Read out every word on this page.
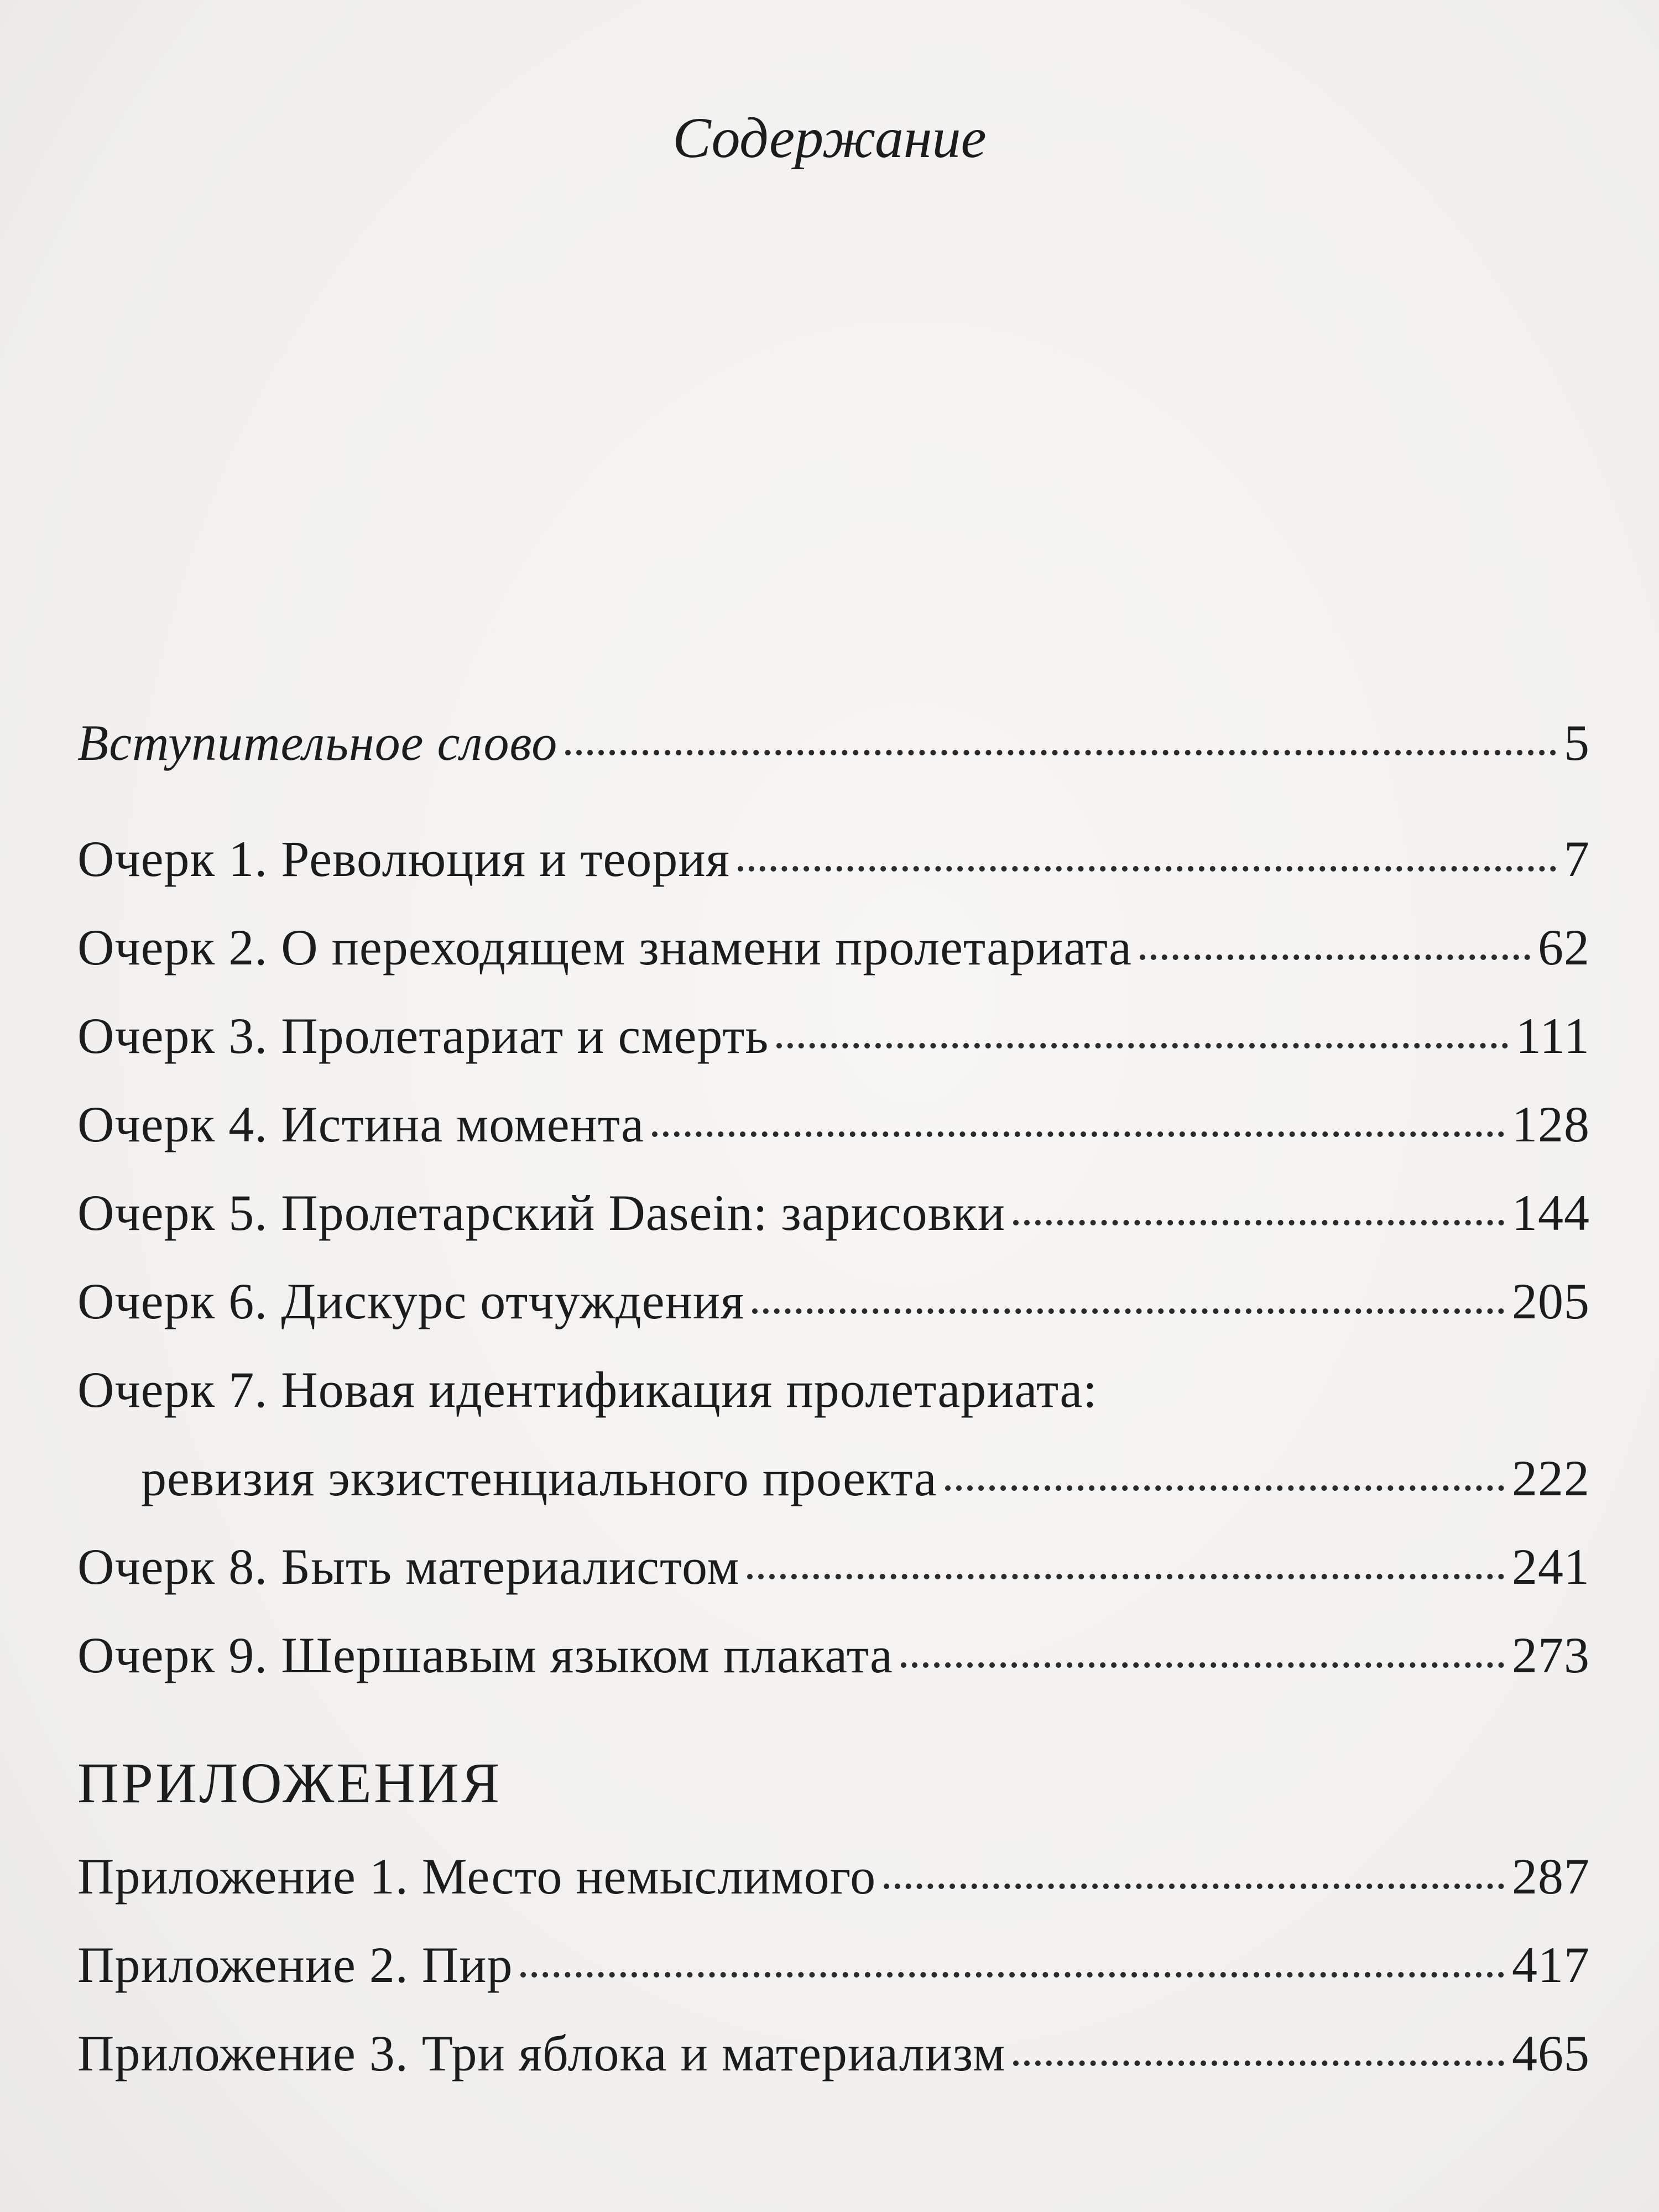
Содержание
Вступительное слово	5
Очерк 1. Революция и теория	7
Очерк 2. О переходящем знамени пролетариата	62
Очерк 3. Пролетариат и смерть	111
Очерк 4. Истина момента	128
Очерк 5. Пролетарский Dasein: зарисовки	144
Очерк 6. Дискурс отчуждения	205
Очерк 7. Новая идентификация пролетариата:
ревизия экзистенциального проекта	222
Очерк 8. Быть материалистом	241
Очерк 9. Шершавым языком плаката	273
ПРИЛОЖЕНИЯ
Приложение 1. Место немыслимого	287
Приложение 2. Пир	417
Приложение 3. Три яблока и материализм	465
